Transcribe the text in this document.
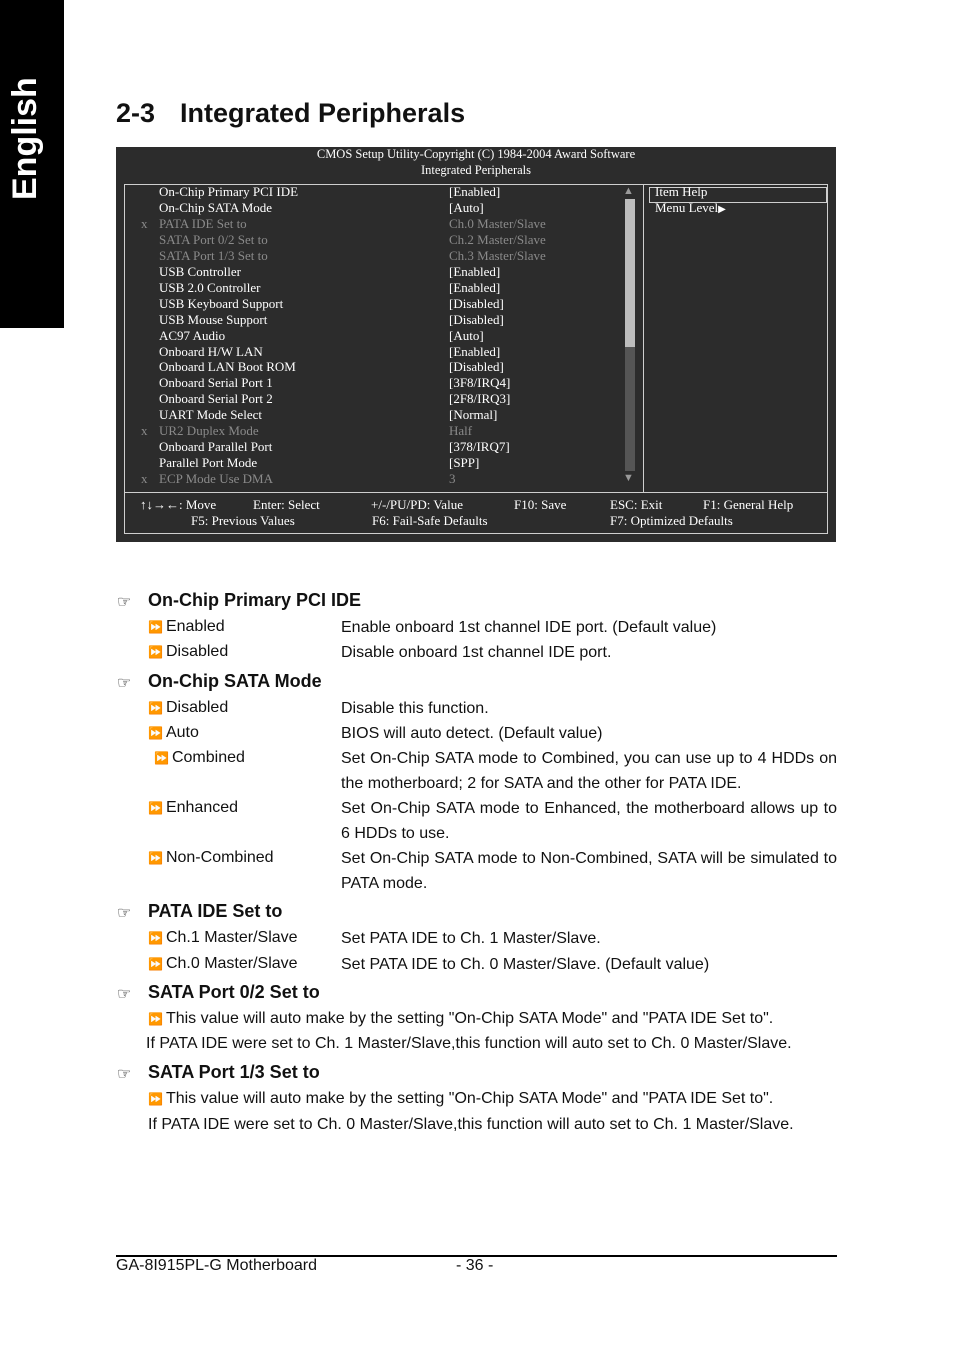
English	2-3 Integrated Peripherals
CMOS Setup Utility-Copyright (C) 1984-2004 Award Software
Integrated Peripherals
On-Chip Primary PCI IDE	[Enabled]
On-Chip SATA Mode	[Auto]
x PATA IDE Set to	Ch.0 Master/Slave
SATA Port 0/2 Set to	Ch.2 Master/Slave
SATA Port 1/3 Set to	Ch.3 Master/Slave
USB Controller	[Enabled]
USB 2.0 Controller	[Enabled]
USB Keyboard Support	[Disabled]
USB Mouse Support	[Disabled]
AC97 Audio	[Auto]
Onboard H/W LAN	[Enabled]
Onboard LAN Boot ROM	[Disabled]
Onboard Serial Port 1	[3F8/IRQ4]
Onboard Serial Port 2	[2F8/IRQ3]
UART Mode Select	[Normal]
x UR2 Duplex Mode	Half
Onboard Parallel Port	[378/IRQ7]
Parallel Port Mode	[SPP]
x ECP Mode Use DMA	3
▲
▼
Item Help
Menu Level▶
↑↓→←: Move	Enter: Select	+/-/PU/PD: Value	F10: Save	ESC: Exit	F1: General Help
F5: Previous Values	F6: Fail-Safe Defaults	F7: Optimized Defaults
☞ On-Chip Primary PCI IDE
⏩ Enabled	Enable onboard 1st channel IDE port. (Default value)
⏩ Disabled	Disable onboard 1st channel IDE port.
☞ On-Chip SATA Mode
⏩ Disabled	Disable this function.
⏩ Auto	BIOS will auto detect. (Default value)
⏩ Combined	Set On-Chip SATA mode to Combined, you can use up to 4 HDDs on the motherboard; 2 for SATA and the other for PATA IDE.
⏩ Enhanced	Set On-Chip SATA mode to Enhanced, the motherboard allows up to 6 HDDs to use.
⏩ Non-Combined	Set On-Chip SATA mode to Non-Combined, SATA will be simulated to PATA mode.
☞ PATA IDE Set to
⏩ Ch.1 Master/Slave	Set PATA IDE to Ch. 1 Master/Slave.
⏩ Ch.0 Master/Slave	Set PATA IDE to Ch. 0 Master/Slave. (Default value)
☞ SATA Port 0/2 Set to
⏩ This value will auto make by the setting "On-Chip SATA Mode" and "PATA IDE Set to".
If PATA IDE were set to Ch. 1 Master/Slave,this function will auto set to Ch. 0 Master/Slave.
☞ SATA Port 1/3 Set to
⏩ This value will auto make by the setting "On-Chip SATA Mode" and "PATA IDE Set to".
If PATA IDE were set to Ch. 0 Master/Slave,this function will auto set to Ch. 1 Master/Slave.
GA-8I915PL-G Motherboard	- 36 -
